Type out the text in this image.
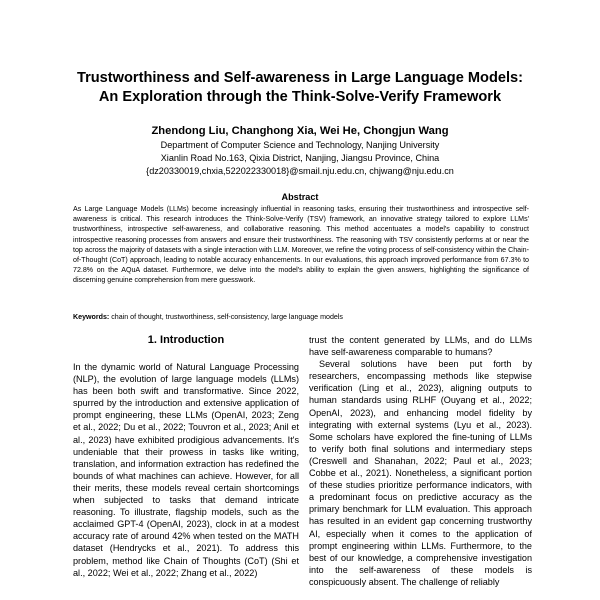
Trustworthiness and Self-awareness in Large Language Models:
An Exploration through the Think-Solve-Verify Framework
Zhendong Liu, Changhong Xia, Wei He, Chongjun Wang
Department of Computer Science and Technology, Nanjing University
Xianlin Road No.163, Qixia District, Nanjing, Jiangsu Province, China
{dz20330019,chxia,522022330018}@smail.nju.edu.cn, chjwang@nju.edu.cn
Abstract
As Large Language Models (LLMs) become increasingly influential in reasoning tasks, ensuring their trustworthiness and introspective self-awareness is critical. This research introduces the Think-Solve-Verify (TSV) framework, an innovative strategy tailored to explore LLMs' trustworthiness, introspective self-awareness, and collaborative reasoning. This method accentuates a model's capability to construct introspective reasoning processes from answers and ensure their trustworthiness. The reasoning with TSV consistently performs at or near the top across the majority of datasets with a single interaction with LLM. Moreover, we refine the voting process of self-consistency within the Chain-of-Thought (CoT) approach, leading to notable accuracy enhancements. In our evaluations, this approach improved performance from 67.3% to 72.8% on the AQuA dataset. Furthermore, we delve into the model's ability to explain the given answers, highlighting the significance of discerning genuine comprehension from mere guesswork.
Keywords: chain of thought, trustworthiness, self-consistency, large language models
1. Introduction

In the dynamic world of Natural Language Processing (NLP), the evolution of large language models (LLMs) has been both swift and transformative. Since 2022, spurred by the introduction and extensive application of prompt engineering, these LLMs (OpenAI, 2023; Zeng et al., 2022; Du et al., 2022; Touvron et al., 2023; Anil et al., 2023) have exhibited prodigious advancements. It's undeniable that their prowess in tasks like writing, translation, and information extraction has redefined the bounds of what machines can achieve. However, for all their merits, these models reveal certain shortcomings when subjected to tasks that demand intricate reasoning. To illustrate, flagship models, such as the acclaimed GPT-4 (OpenAI, 2023), clock in at a modest accuracy rate of around 42% when tested on the MATH dataset (Hendrycks et al., 2021). To address this problem, method like Chain of Thoughts (CoT) (Shi et al., 2022; Wei et al., 2022; Zhang et al., 2022)

trust the content generated by LLMs, and do LLMs have self-awareness comparable to humans?

Several solutions have been put forth by researchers, encompassing methods like stepwise verification (Ling et al., 2023), aligning outputs to human standards using RLHF (Ouyang et al., 2022; OpenAI, 2023), and enhancing model fidelity by integrating with external systems (Lyu et al., 2023). Some scholars have explored the fine-tuning of LLMs to verify both final solutions and intermediary steps (Creswell and Shanahan, 2022; Paul et al., 2023; Cobbe et al., 2021). Nonetheless, a significant portion of these studies prioritize performance indicators, with a predominant focus on predictive accuracy as the primary benchmark for LLM evaluation. This approach has resulted in an evident gap concerning trustworthy AI, especially when it comes to the application of prompt engineering within LLMs. Furthermore, to the best of our knowledge, a comprehensive investigation into the self-awareness of these models is conspicuously absent. The challenge of reliably
